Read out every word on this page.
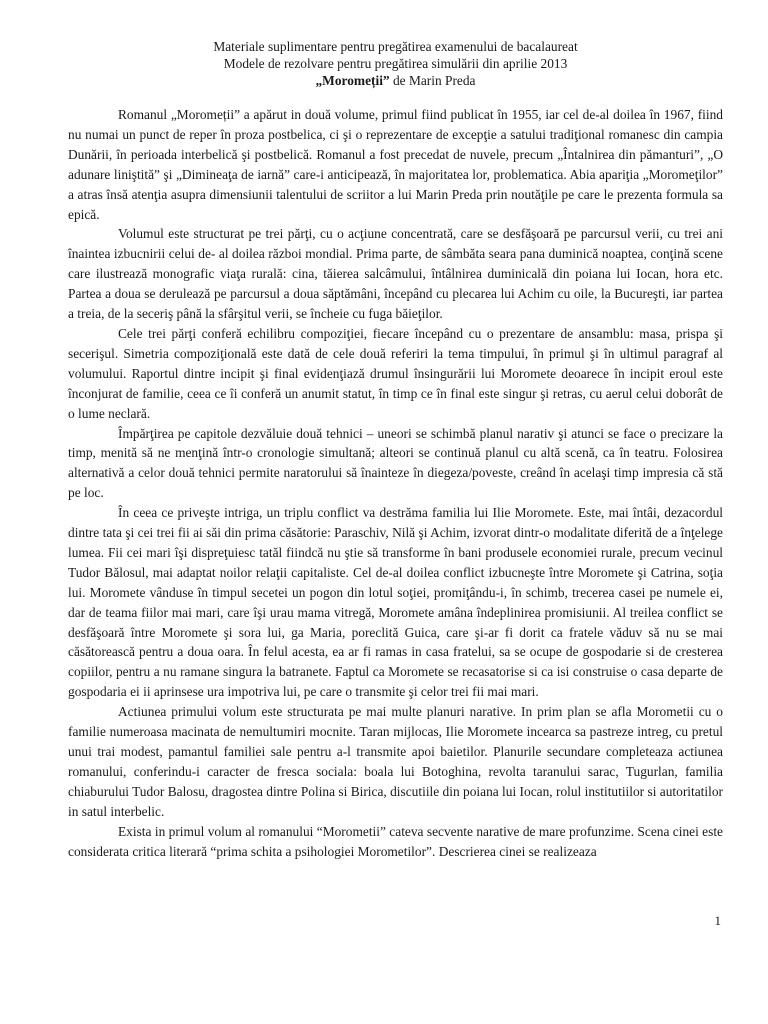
Materiale suplimentare pentru pregătirea examenului de bacalaureat
Modele de rezolvare pentru pregătirea simulării din aprilie 2013
„Moromeții” de Marin Preda

Romanul „Moromeții” a apărut in două volume, primul fiind publicat în 1955, iar cel de-al doilea în 1967, fiind nu numai un punct de reper în proza postbelica, ci şi o reprezentare de excepţie a satului tradiţional romanesc din campia Dunării, în perioada interbelică şi postbelică. Romanul a fost precedat de nuvele, precum „Întalnirea din pămanturi”, „O adunare liniştită” şi „Dimineaţa de iarnă” care-i anticipează, în majoritatea lor, problematica. Abia apariţia „Moromeţilor” a atras însă atenţia asupra dimensiunii talentului de scriitor a lui Marin Preda prin noutăţile pe care le prezenta formula sa epică.

Volumul este structurat pe trei părţi, cu o acţiune concentrată, care se desfăşoară pe parcursul verii, cu trei ani înaintea izbucnirii celui de- al doilea război mondial. Prima parte, de sâmbăta seara pana duminică noaptea, conţină scene care ilustrează monografic viaţa rurală: cina, tăierea salcâmului, întâlnirea duminicală din poiana lui Iocan, hora etc. Partea a doua se derulează pe parcursul a doua săptămâni, începând cu plecarea lui Achim cu oile, la Bucureşti, iar partea a treia, de la seceriş până la sfârşitul verii, se încheie cu fuga băieţilor.

Cele trei părţi conferă echilibru compoziţiei, fiecare începând cu o prezentare de ansamblu: masa, prispa şi secerişul. Simetria compoziţională este dată de cele două referiri la tema timpului, în primul şi în ultimul paragraf al volumului. Raportul dintre incipit şi final evidenţiază drumul însingurării lui Moromete deoarece în incipit eroul este înconjurat de familie, ceea ce îi conferă un anumit statut, în timp ce în final este singur şi retras, cu aerul celui doborât de o lume neclară.

Împărţirea pe capitole dezvăluie două tehnici – uneori se schimbă planul narativ şi atunci se face o precizare la timp, menită să ne menţină într-o cronologie simultană; alteori se continuă planul cu altă scenă, ca în teatru. Folosirea alternativă a celor două tehnici permite naratorului să înainteze în diegeza/poveste, creând în acelaşi timp impresia că stă pe loc.

În ceea ce priveşte intriga, un triplu conflict va destrăma familia lui Ilie Moromete. Este, mai întâi, dezacordul dintre tata şi cei trei fii ai săi din prima căsătorie: Paraschiv, Nilă şi Achim, izvorat dintr-o modalitate diferită de a înţelege lumea. Fii cei mari îşi dispreţuiesc tatăl fiindcă nu ştie să transforme în bani produsele economiei rurale, precum vecinul Tudor Bălosul, mai adaptat noilor relaţii capitaliste. Cel de-al doilea conflict izbucneşte între Moromete şi Catrina, soţia lui. Moromete vânduse în timpul secetei un pogon din lotul soţiei, promiţându-i, în schimb, trecerea casei pe numele ei, dar de teama fiilor mai mari, care îşi urau mama vitregă, Moromete amâna îndeplinirea promisiunii. Al treilea conflict se desfăşoară între Moromete şi sora lui, ga Maria, poreclită Guica, care şi-ar fi dorit ca fratele văduv să nu se mai căsătorească pentru a doua oara. În felul acesta, ea ar fi ramas in casa fratelui, sa se ocupe de gospodarie si de cresterea copiilor, pentru a nu ramane singura la batranete. Faptul ca Moromete se recasatorise si ca isi construise o casa departe de gospodaria ei ii aprinsese ura impotriva lui, pe care o transmite şi celor trei fii mai mari.

Actiunea primului volum este structurata pe mai multe planuri narative. In prim plan se afla Morometii cu o familie numeroasa macinata de nemultumiri mocnite. Taran mijlocas, Ilie Moromete incearca sa pastreze intreg, cu pretul unui trai modest, pamantul familiei sale pentru a-l transmite apoi baietilor. Planurile secundare completeaza actiunea romanului, conferindu-i caracter de fresca sociala: boala lui Botoghina, revolta taranului sarac, Tugurlan, familia chiaburului Tudor Balosu, dragostea dintre Polina si Birica, discutiile din poiana lui Iocan, rolul institutiilor si autoritatilor in satul interbelic.

Exista in primul volum al romanului “Morometii” cateva secvente narative de mare profunzime. Scena cinei este considerata critica literară “prima schita a psihologiei Morometilor”. Descrierea cinei se realizeaza

1
